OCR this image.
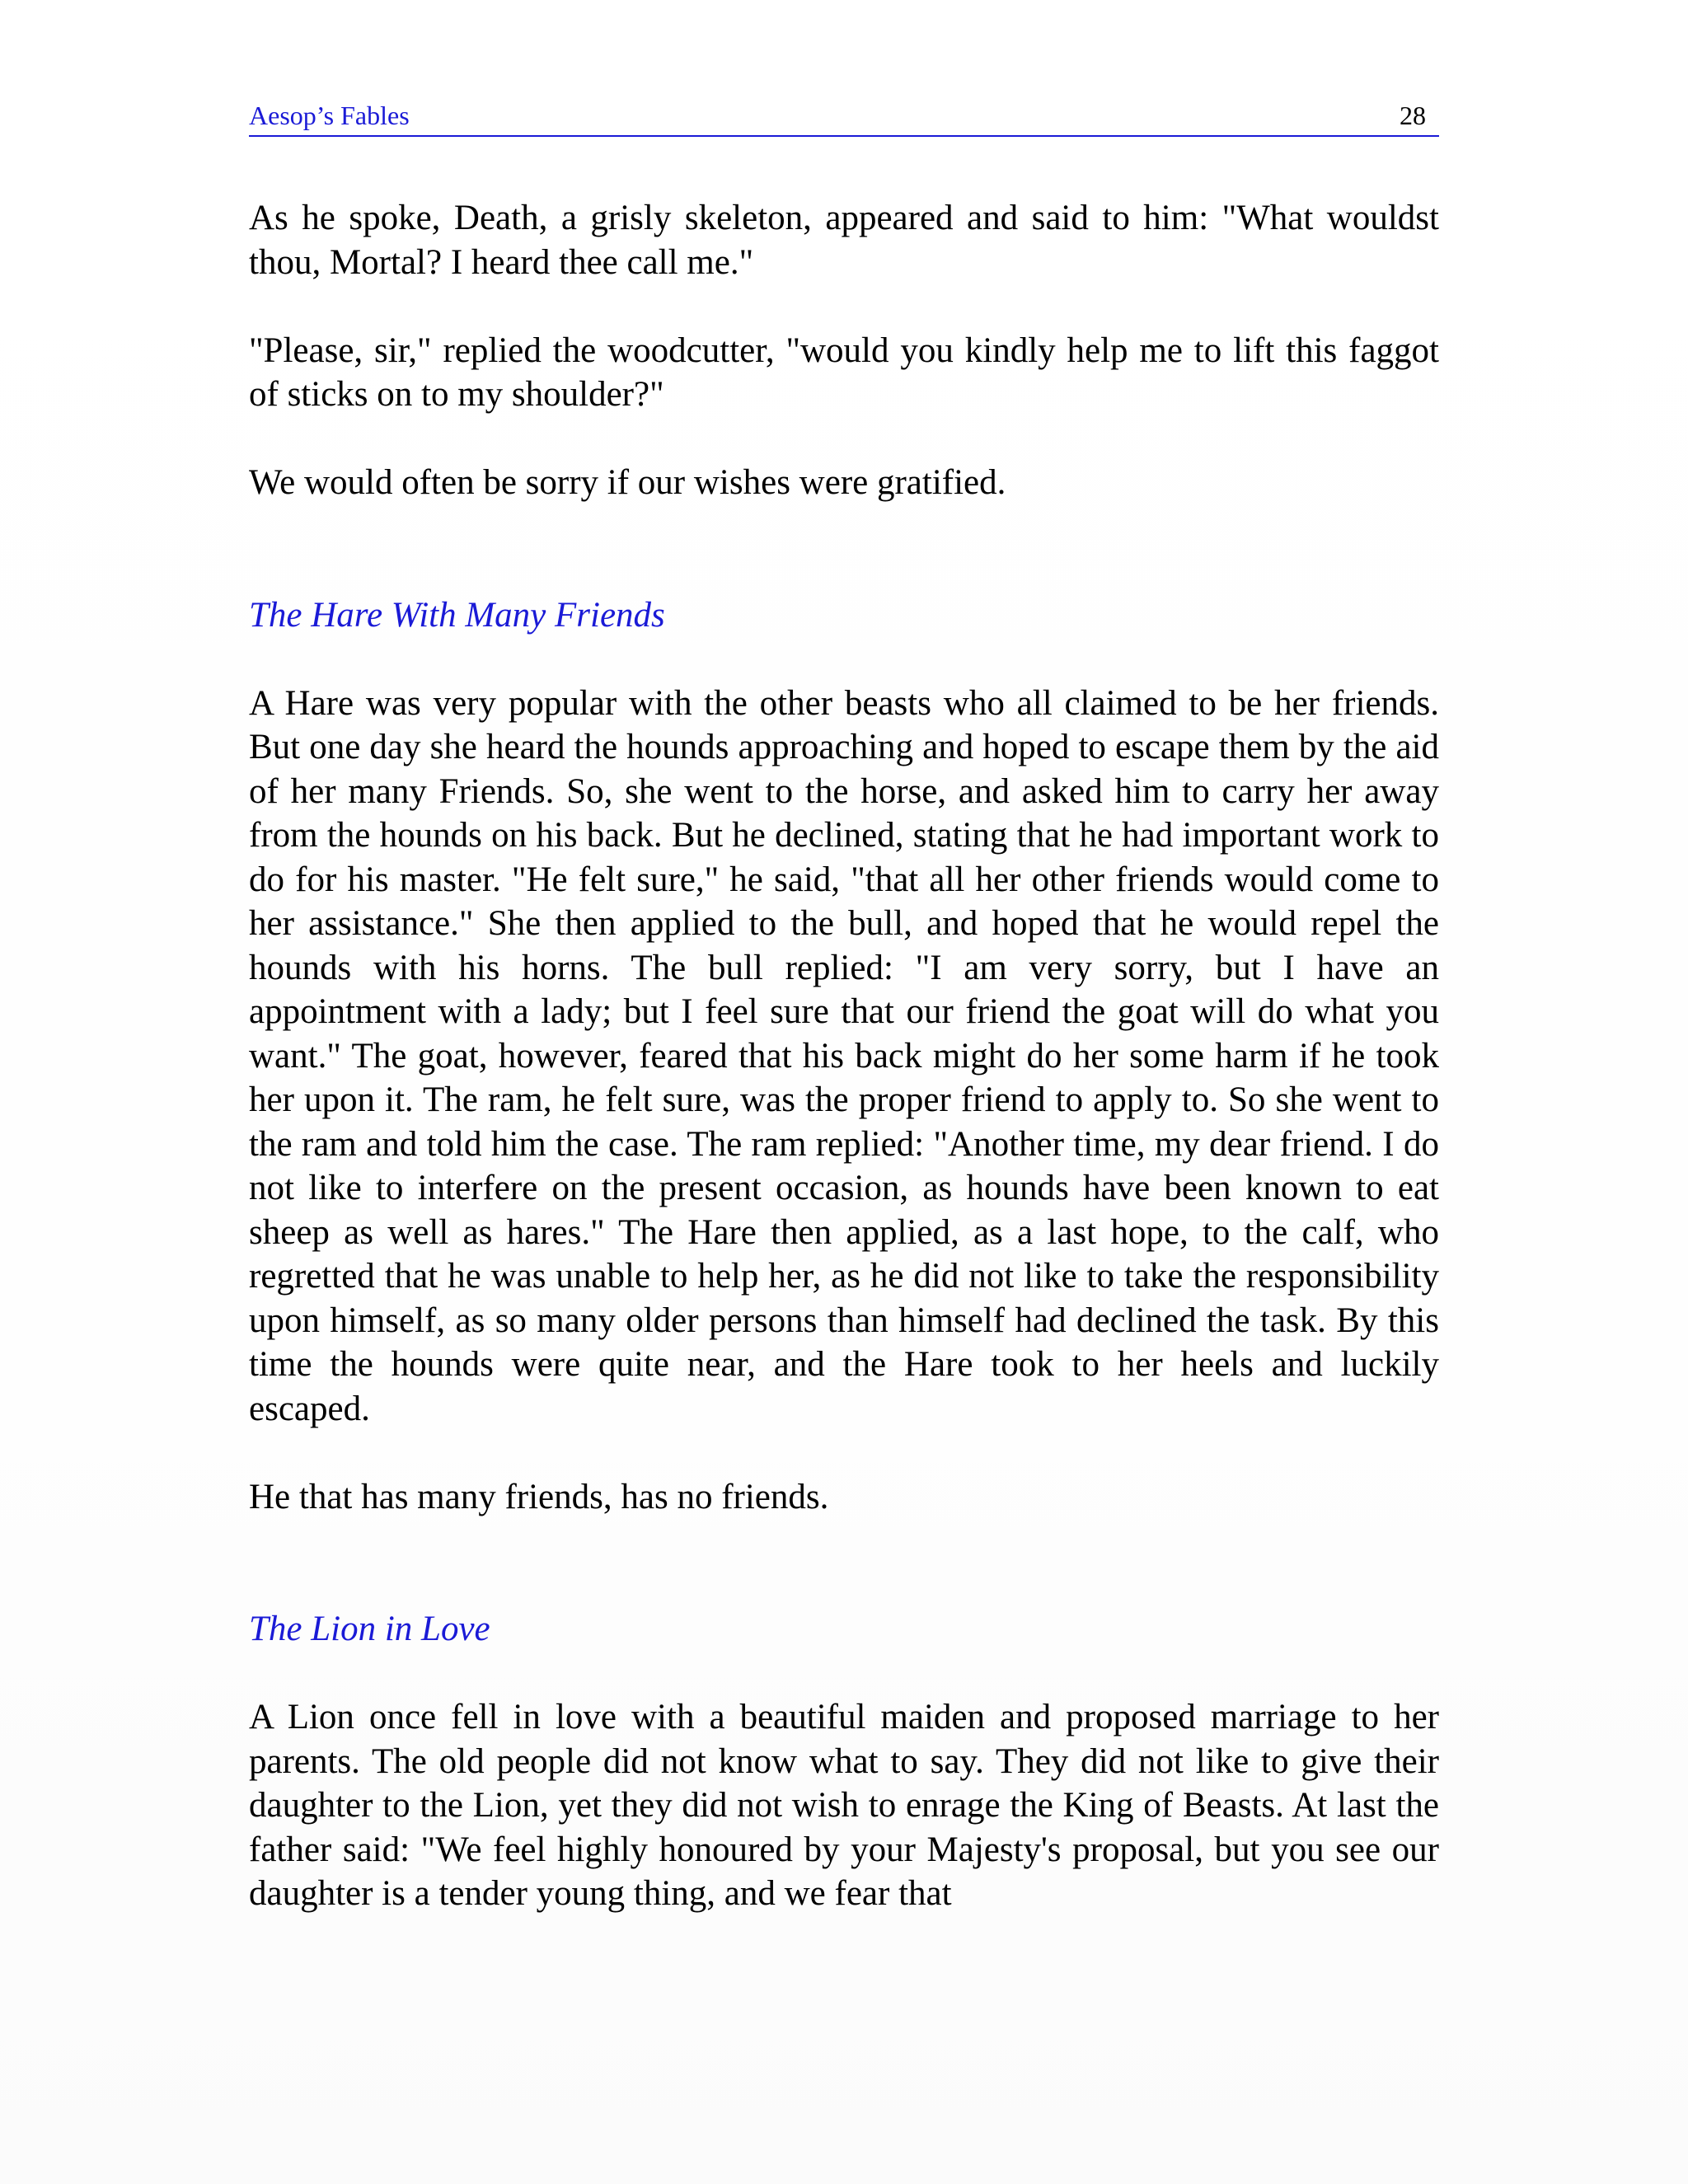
Aesop’s Fables	28

As he spoke, Death, a grisly skeleton, appeared and said to him: "What wouldst thou, Mortal? I heard thee call me."

"Please, sir," replied the woodcutter, "would you kindly help me to lift this faggot of sticks on to my shoulder?"

We would often be sorry if our wishes were gratified.

The Hare With Many Friends

A Hare was very popular with the other beasts who all claimed to be her friends. But one day she heard the hounds approaching and hoped to escape them by the aid of her many Friends. So, she went to the horse, and asked him to carry her away from the hounds on his back. But he declined, stating that he had important work to do for his master. "He felt sure," he said, "that all her other friends would come to her assistance." She then applied to the bull, and hoped that he would repel the hounds with his horns. The bull replied: "I am very sorry, but I have an appointment with a lady; but I feel sure that our friend the goat will do what you want." The goat, however, feared that his back might do her some harm if he took her upon it. The ram, he felt sure, was the proper friend to apply to. So she went to the ram and told him the case. The ram replied: "Another time, my dear friend. I do not like to interfere on the present occasion, as hounds have been known to eat sheep as well as hares." The Hare then applied, as a last hope, to the calf, who regretted that he was unable to help her, as he did not like to take the responsibility upon himself, as so many older persons than himself had declined the task. By this time the hounds were quite near, and the Hare took to her heels and luckily escaped.

He that has many friends, has no friends.

The Lion in Love

A Lion once fell in love with a beautiful maiden and proposed marriage to her parents. The old people did not know what to say. They did not like to give their daughter to the Lion, yet they did not wish to enrage the King of Beasts. At last the father said: "We feel highly honoured by your Majesty's proposal, but you see our daughter is a tender young thing, and we fear that
